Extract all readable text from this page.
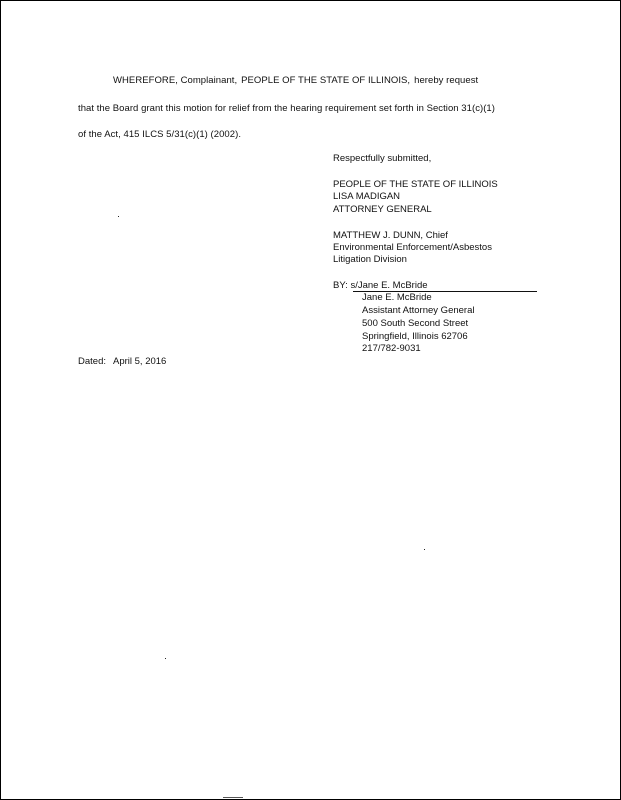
WHEREFORE, Complainant, PEOPLE OF THE STATE OF ILLINOIS, hereby request
that the Board grant this motion for relief from the hearing requirement set forth in Section 31(c)(1)
of the Act, 415 ILCS 5/31(c)(1) (2002).
Respectfully submitted,
PEOPLE OF THE STATE OF ILLINOIS
LISA MADIGAN
ATTORNEY GENERAL
MATTHEW J. DUNN, Chief
Environmental Enforcement/Asbestos
Litigation Division
BY: s/Jane E. McBride
Jane E. McBride
Assistant Attorney General
500 South Second Street
Springfield, Illinois 62706
217/782-9031
Dated: April 5, 2016
